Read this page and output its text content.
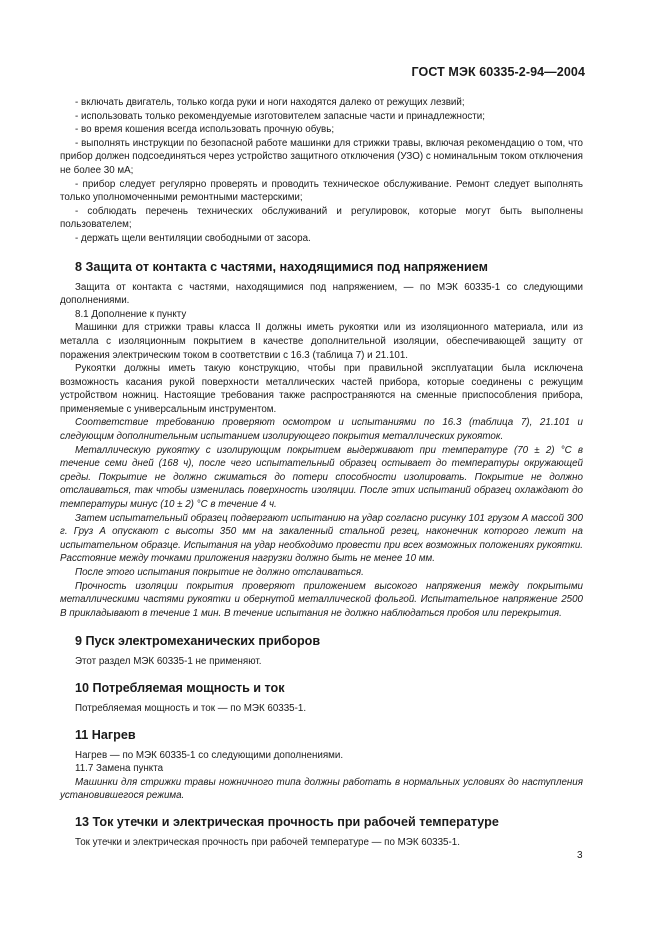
ГОСТ МЭК 60335-2-94—2004

- включать двигатель, только когда руки и ноги находятся далеко от режущих лезвий;

- использовать только рекомендуемые изготовителем запасные части и принадлежности;

- во время кошения всегда использовать прочную обувь;

- выполнять инструкции по безопасной работе машинки для стрижки травы, включая рекомендацию о том, что прибор должен подсоединяться через устройство защитного отключения (УЗО) с номинальным током отключения не более 30 мА;

- прибор следует регулярно проверять и проводить техническое обслуживание. Ремонт следует выполнять только уполномоченными ремонтными мастерскими;

- соблюдать перечень технических обслуживаний и регулировок, которые могут быть выполнены пользователем;

- держать щели вентиляции свободными от засора.

8 Защита от контакта с частями, находящимися под напряжением

Защита от контакта с частями, находящимися под напряжением, — по МЭК 60335-1 со следующими дополнениями.

8.1 Дополнение к пункту

Машинки для стрижки травы класса II должны иметь рукоятки или из изоляционного материала, или из металла с изоляционным покрытием в качестве дополнительной изоляции, обеспечивающей защиту от поражения электрическим током в соответствии с 16.3 (таблица 7) и 21.101.

Рукоятки должны иметь такую конструкцию, чтобы при правильной эксплуатации была исключена возможность касания рукой поверхности металлических частей прибора, которые соединены с режущим устройством ножниц. Настоящие требования также распространяются на сменные приспособления прибора, применяемые с универсальным инструментом.

Соответствие требованию проверяют осмотром и испытаниями по 16.3 (таблица 7), 21.101 и следующим дополнительным испытанием изолирующего покрытия металлических рукояток.

Металлическую рукоятку с изолирующим покрытием выдерживают при температуре (70 ± 2) °С в течение семи дней (168 ч), после чего испытательный образец остывает до температуры окружающей среды. Покрытие не должно сжиматься до потери способности изолировать. Покрытие не должно отслаиваться, так чтобы изменилась поверхность изоляции. После этих испытаний образец охлаждают до температуры минус (10 ± 2) °С в течение 4 ч.

Затем испытательный образец подвергают испытанию на удар согласно рисунку 101 грузом А массой 300 г. Груз А опускают с высоты 350 мм на закаленный стальной резец, наконечник которого лежит на испытательном образце. Испытания на удар необходимо провести при всех возможных положениях рукоятки. Расстояние между точками приложения нагрузки должно быть не менее 10 мм.

После этого испытания покрытие не должно отслаиваться.

Прочность изоляции покрытия проверяют приложением высокого напряжения между покрытыми металлическими частями рукоятки и обернутой металлической фольгой. Испытательное напряжение 2500 В прикладывают в течение 1 мин. В течение испытания не должно наблюдаться пробоя или перекрытия.

9 Пуск электромеханических приборов

Этот раздел МЭК 60335-1 не применяют.

10 Потребляемая мощность и ток

Потребляемая мощность и ток — по МЭК 60335-1.

11 Нагрев

Нагрев — по МЭК 60335-1 со следующими дополнениями.

11.7 Замена пункта

Машинки для стрижки травы ножничного типа должны работать в нормальных условиях до наступления установившегося режима.

13 Ток утечки и электрическая прочность при рабочей температуре

Ток утечки и электрическая прочность при рабочей температуре — по МЭК 60335-1.

3
